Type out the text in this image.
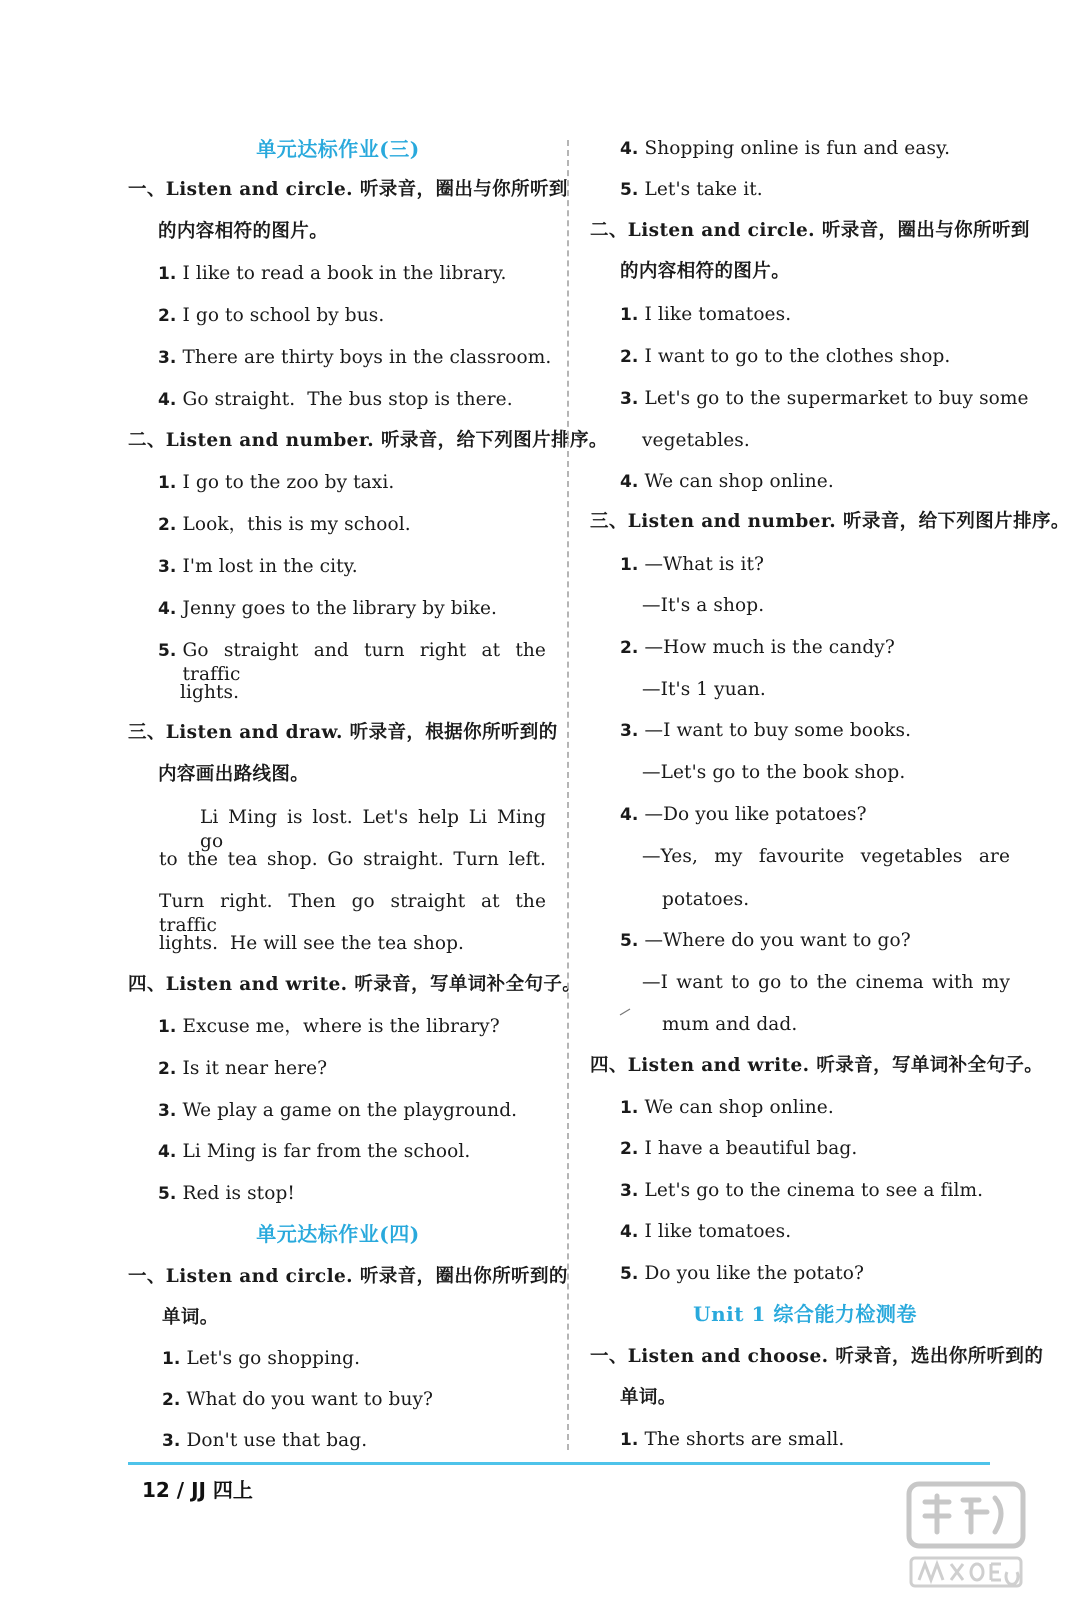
单元达标作业(三)
一、Listen and circle. 听录音，圈出与你所听到
的内容相符的图片。
1. I like to read a book in the library.
2. I go to school by bus.
3. There are thirty boys in the classroom.
4. Go straight.  The bus stop is there.
二、Listen and number. 听录音，给下列图片排序。
1. I go to the zoo by taxi.
2. Look，this is my school.
3. I'm lost in the city.
4. Jenny goes to the library by bike.
5. Go straight and turn right at the traffic
lights.
三、Listen and draw. 听录音，根据你所听到的
内容画出路线图。
Li Ming is lost. Let's help Li Ming go
to the tea shop. Go straight. Turn left.
Turn right. Then go straight at the traffic
lights.  He will see the tea shop.
四、Listen and write. 听录音，写单词补全句子。
1. Excuse me，where is the library?
2. Is it near here?
3. We play a game on the playground.
4. Li Ming is far from the school.
5. Red is stop!
单元达标作业(四)
一、Listen and circle. 听录音，圈出你所听到的
单词。
1. Let's go shopping.
2. What do you want to buy?
3. Don't use that bag.
4. Shopping online is fun and easy.
5. Let's take it.
二、Listen and circle. 听录音，圈出与你所听到
的内容相符的图片。
1. I like tomatoes.
2. I want to go to the clothes shop.
3. Let's go to the supermarket to buy some
vegetables.
4. We can shop online.
三、Listen and number. 听录音，给下列图片排序。
1. —What is it?
—It's a shop.
2. —How much is the candy?
—It's 1 yuan.
3. —I want to buy some books.
—Let's go to the book shop.
4. —Do you like potatoes?
—Yes, my favourite vegetables are
potatoes.
5. —Where do you want to go?
—I want to go to the cinema with my
mum and dad.
四、Listen and write. 听录音，写单词补全句子。
1. We can shop online.
2. I have a beautiful bag.
3. Let's go to the cinema to see a film.
4. I like tomatoes.
5. Do you like the potato?
Unit 1 综合能力检测卷
一、Listen and choose. 听录音，选出你所听到的
单词。
1. The shorts are small.
12 / JJ 四上
